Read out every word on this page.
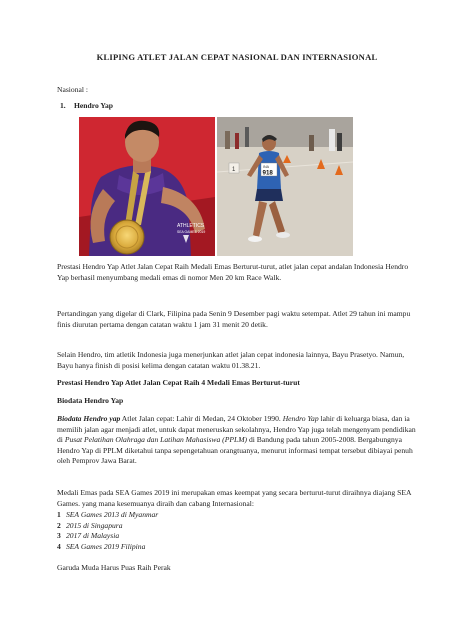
KLIPING ATLET JALAN CEPAT NASIONAL DAN INTERNASIONAL
Nasional :
1. Hendro Yap
ATHLETICS
SEA GAMES 2019
1	INA
918

Prestasi Hendro Yap Atlet Jalan Cepat Raih Medali Emas Berturut-turut, atlet jalan cepat andalan Indonesia Hendro Yap berhasil menyumbang medali emas di nomor Men 20 km Race Walk.

Pertandingan yang digelar di Clark, Filipina pada Senin 9 Desember pagi waktu setempat. Atlet 29 tahun ini mampu finis diurutan pertama dengan catatan waktu 1 jam 31 menit 20 detik.

Selain Hendro, tim atletik Indonesia juga menerjunkan atlet jalan cepat indonesia lainnya, Bayu Prasetyo. Namun, Bayu hanya finish di posisi kelima dengan catatan waktu 01.38.21.

Prestasi Hendro Yap Atlet Jalan Cepat Raih 4 Medali Emas Berturut-turut
Biodata Hendro Yap

Biodata Hendro yap Atlet Jalan cepat: Lahir di Medan, 24 Oktober 1990. Hendro Yap lahir di keluarga biasa, dan ia memilih jalan agar menjadi atlet, untuk dapat meneruskan sekolahnya, Hendro Yap juga telah mengenyam pendidikan di Pusat Pelatihan Olahraga dan Latihan Mahasiswa (PPLM) di Bandung pada tahun 2005-2008. Bergabungnya Hendro Yap di PPLM diketahui tanpa sepengetahuan orangtuanya, menurut informasi tempat tersebut dibiayai penuh oleh Pemprov Jawa Barat.

Medali Emas pada SEA Games 2019 ini merupakan emas keempat yang secara berturut-turut diraihnya diajang SEA Games. yang mana kesemuanya diraih dan cabang Internasional:

1 SEA Games 2013 di Myanmar
2 2015 di Singapura
3 2017 di Malaysia
4 SEA Games 2019 Filipina
Garuda Muda Harus Puas Raih Perak
